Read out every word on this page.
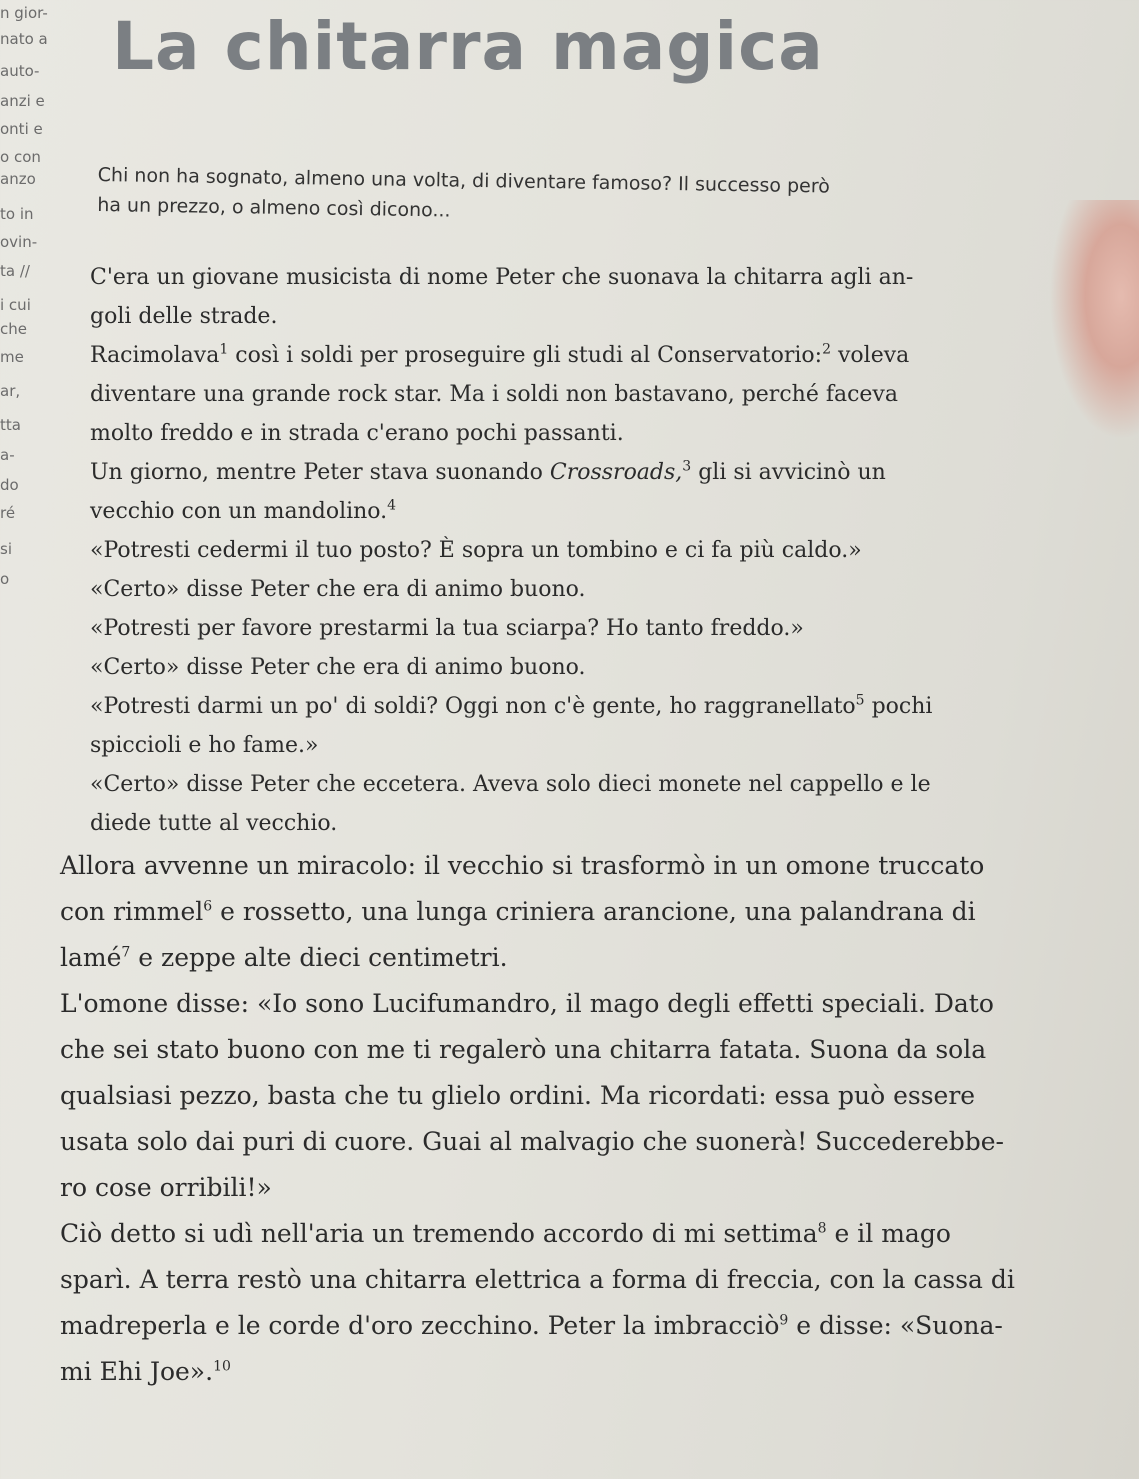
n gior-
nato a
auto-
anzi e
onti e
o con
anzo
to in
ovin-
ta //
i cui
che
me
ar,
tta
a-
do
ré
si
o
La chitarra magica
Chi non ha sognato, almeno una volta, di diventare famoso? Il successo però
ha un prezzo, o almeno così dicono...

C'era un giovane musicista di nome Peter che suonava la chitarra agli an-

goli delle strade.

Racimolava$^1$ così i soldi per proseguire gli studi al Conservatorio:$^2$ voleva

diventare una grande rock star. Ma i soldi non bastavano, perché faceva

molto freddo e in strada c'erano pochi passanti.

Un giorno, mentre Peter stava suonando Crossroads,$^3$ gli si avvicinò un

vecchio con un mandolino.$^4$

«Potresti cedermi il tuo posto? È sopra un tombino e ci fa più caldo.»

«Certo» disse Peter che era di animo buono.

«Potresti per favore prestarmi la tua sciarpa? Ho tanto freddo.»

«Certo» disse Peter che era di animo buono.

«Potresti darmi un po' di soldi? Oggi non c'è gente, ho raggranellato$^5$ pochi

spiccioli e ho fame.»

«Certo» disse Peter che eccetera. Aveva solo dieci monete nel cappello e le

diede tutte al vecchio.

Allora avvenne un miracolo: il vecchio si trasformò in un omone truccato

con rimmel$^6$ e rossetto, una lunga criniera arancione, una palandrana di

lamé$^7$ e zeppe alte dieci centimetri.

L'omone disse: «Io sono Lucifumandro, il mago degli effetti speciali. Dato

che sei stato buono con me ti regalerò una chitarra fatata. Suona da sola

qualsiasi pezzo, basta che tu glielo ordini. Ma ricordati: essa può essere

usata solo dai puri di cuore. Guai al malvagio che suonerà! Succederebbe-

ro cose orribili!»

Ciò detto si udì nell'aria un tremendo accordo di mi settima$^8$ e il mago

sparì. A terra restò una chitarra elettrica a forma di freccia, con la cassa di

madreperla e le corde d'oro zecchino. Peter la imbracciò$^9$ e disse: «Suona-

mi Ehi Joe».$^{10}$
